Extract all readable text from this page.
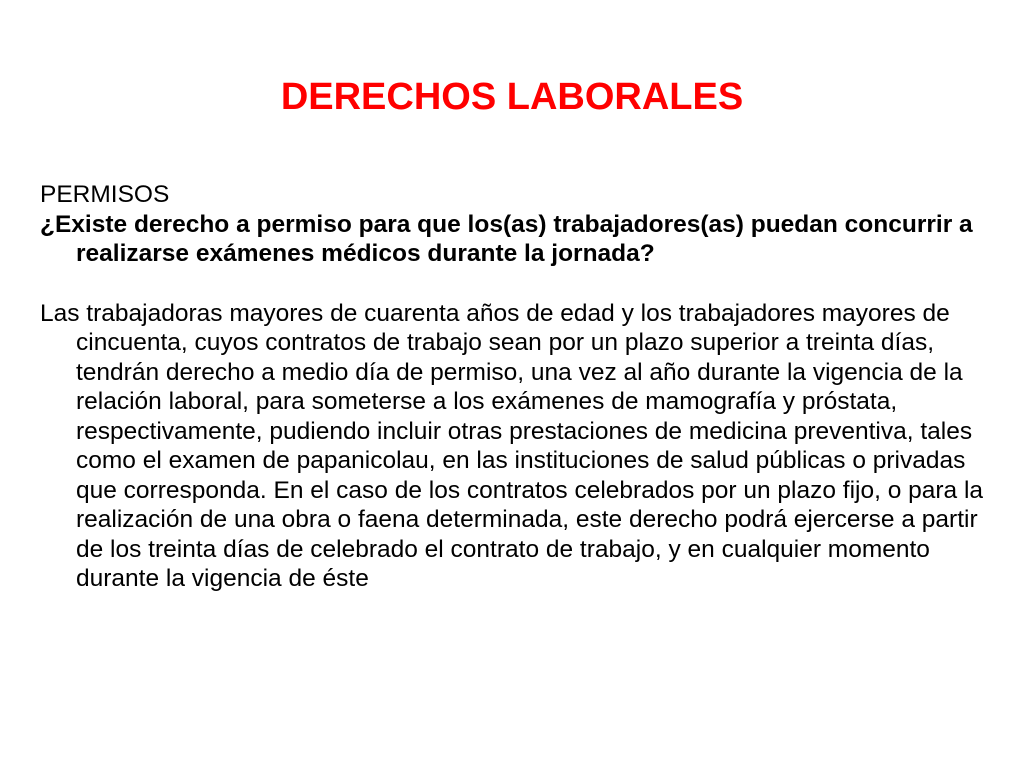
DERECHOS LABORALES

PERMISOS

¿Existe derecho a permiso para que los(as) trabajadores(as) puedan concurrir a realizarse exámenes médicos durante la jornada?

Las trabajadoras mayores de cuarenta años de edad y los trabajadores mayores de cincuenta, cuyos contratos de trabajo sean por un plazo superior a treinta días, tendrán derecho a medio día de permiso, una vez al año durante la vigencia de la relación laboral, para someterse a los exámenes de mamografía y próstata, respectivamente, pudiendo incluir otras prestaciones de medicina preventiva, tales como el examen de papanicolau, en las instituciones de salud públicas o privadas que corresponda. En el caso de los contratos celebrados por un plazo fijo, o para la realización de una obra o faena determinada, este derecho podrá ejercerse a partir de los treinta días de celebrado el contrato de trabajo, y en cualquier momento durante la vigencia de éste
